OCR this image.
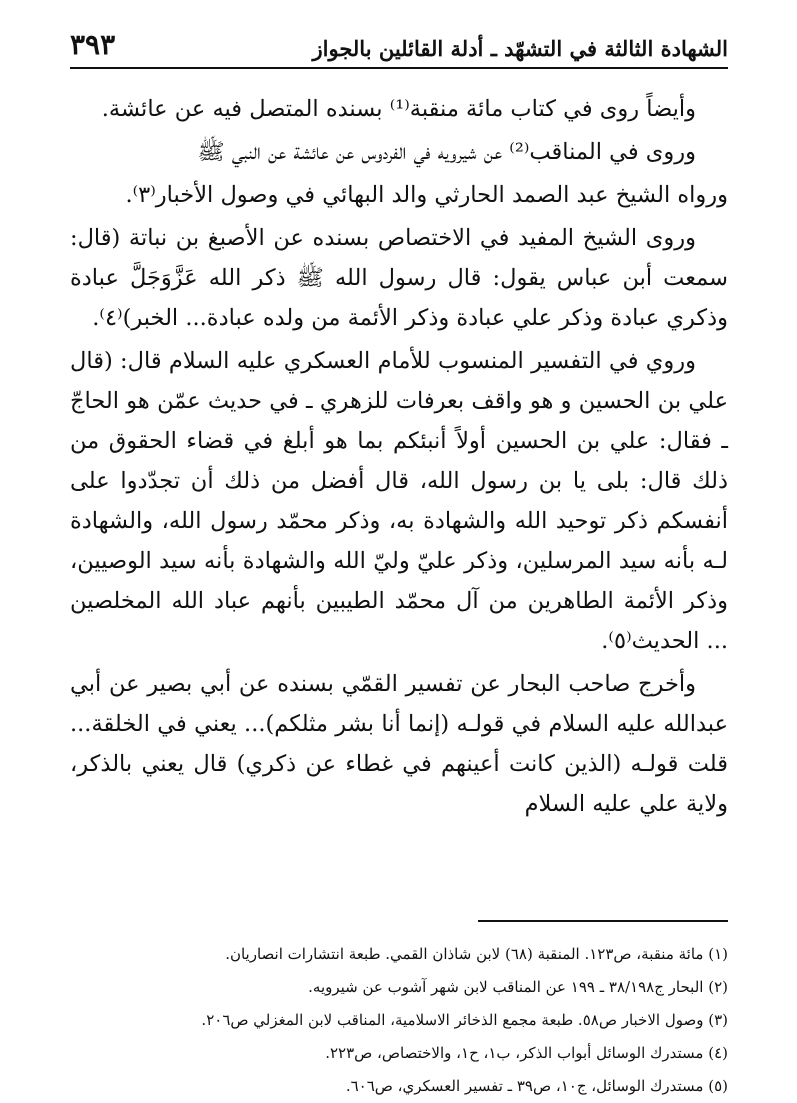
الشهادة الثالثة في التشهّد ـ أدلة القائلين بالجواز
٣٩٣

وأيضاً روى في كتاب مائة منقبة⁽¹⁾ بسنده المتصل فيه عن عائشة.

وروى في المناقب⁽²⁾ عن شيرويه في الفردوس عن عائشة عن النبي ﷺ

ورواه الشيخ عبد الصمد الحارثي والد البهائي في وصول الأخبار⁽٣⁾.

وروى الشيخ المفيد في الاختصاص بسنده عن الأصبغ بن نباتة (قال: سمعت أبن عباس يقول: قال رسول الله ﷺ ذكر الله عَزَّوَجَلَّ عبادة وذكري عبادة وذكر علي عبادة وذكر الأئمة من ولده عبادة... الخبر)⁽٤⁾.

وروي في التفسير المنسوب للأمام العسكري عليه السلام قال: (قال علي بن الحسين و هو واقف بعرفات للزهري ـ في حديث عمّن هو الحاجّ ـ فقال: علي بن الحسين أولاً أنبئكم بما هو أبلغ في قضاء الحقوق من ذلك قال: بلى يا بن رسول الله، قال أفضل من ذلك أن تجدّدوا على أنفسكم ذكر توحيد الله والشهادة به، وذكر محمّد رسول الله، والشهادة لـه بأنه سيد المرسلين، وذكر عليّ وليّ الله والشهادة بأنه سيد الوصيين، وذكر الأئمة الطاهرين من آل محمّد الطيبين بأنهم عباد الله المخلصين ... الحديث⁽٥⁾.

وأخرج صاحب البحار عن تفسير القمّي بسنده عن أبي بصير عن أبي عبدالله عليه السلام في قولـه (إنما أنا بشر مثلكم)... يعني في الخلقة... قلت قولـه (الذين كانت أعينهم في غطاء عن ذكري) قال يعني بالذكر، ولاية علي عليه السلام

(١) مائة منقبة، ص١٢٣. المنقبة (٦٨) لابن شاذان القمي. طبعة انتشارات انصاريان.
(٢) البحار ج٣٨/١٩٨ ـ ١٩٩ عن المناقب لابن شهر آشوب عن شيرويه.
(٣) وصول الاخبار ص٥٨. طبعة مجمع الذخائر الاسلامية، المناقب لابن المغزلي ص٢٠٦.
(٤) مستدرك الوسائل أبواب الذكر، ب١، ح١، والاختصاص، ص٢٢٣.
(٥) مستدرك الوسائل، ج١٠، ص٣٩ ـ تفسير العسكري، ص٦٠٦.
